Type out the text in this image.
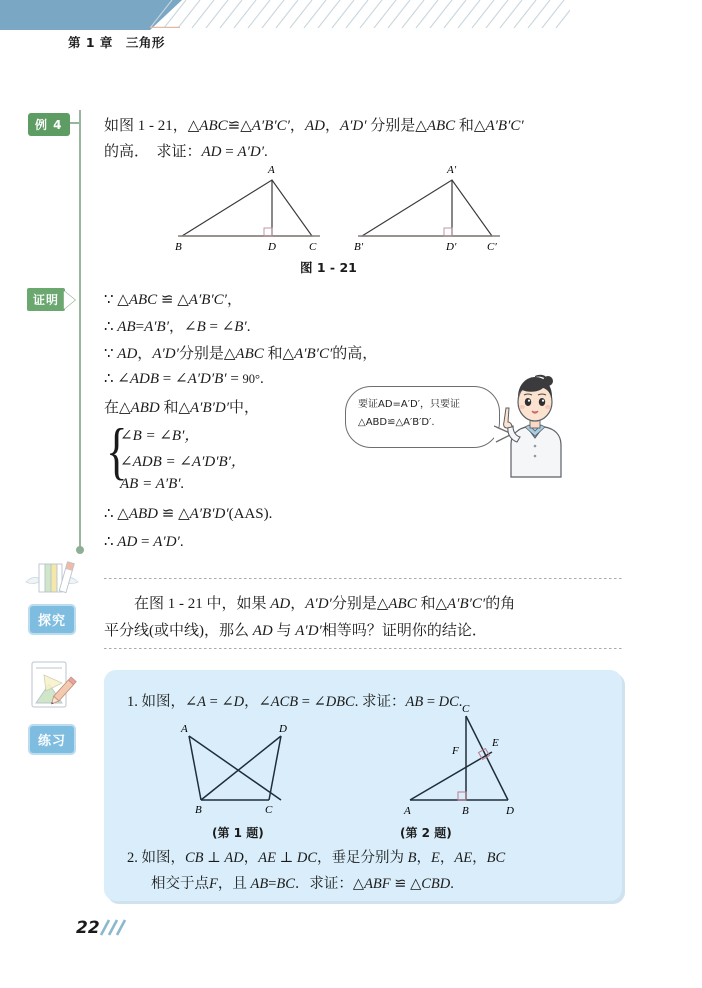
第 1 章　三角形
例 4	如图 1 - 21，△ABC≌△A′B′C′，AD，A′D′ 分别是△ABC 和△A′B′C′
的高．　求证：AD = A′D′.
A
B	D	C
A′
B′	D′	C′
图 1 - 21
证明	∵ △ABC ≌ △A′B′C′，
∴ AB=A′B′，∠B = ∠B′.
∵ AD，A′D′分别是△ABC 和△A′B′C′的高，
∴ ∠ADB = ∠A′D′B′ = 90°.
在△ABD 和△A′B′D′中，
{
∠B = ∠B′，
∠ADB = ∠A′D′B′，
AB = A′B′.
∴ △ABD ≌ △A′B′D′(AAS).
∴ AD = A′D′.
要证AD=A′D′，只要证
△ABD≌△A′B′D′.
探究
　　在图 1 - 21 中，如果 AD，A′D′分别是△ABC 和△A′B′C′的角
平分线(或中线)，那么 AD 与 A′D′相等吗？证明你的结论．
练习
1. 如图，∠A = ∠D，∠ACB = ∠DBC. 求证：AB = DC.
A	D
B	C
C
A	B	D
E
F
(第 1 题)	(第 2 题)
2. 如图，CB ⊥ AD，AE ⊥ DC，垂足分别为 B，E，AE，BC
相交于点F，且 AB=BC．求证：△ABF ≌ △CBD.
22
